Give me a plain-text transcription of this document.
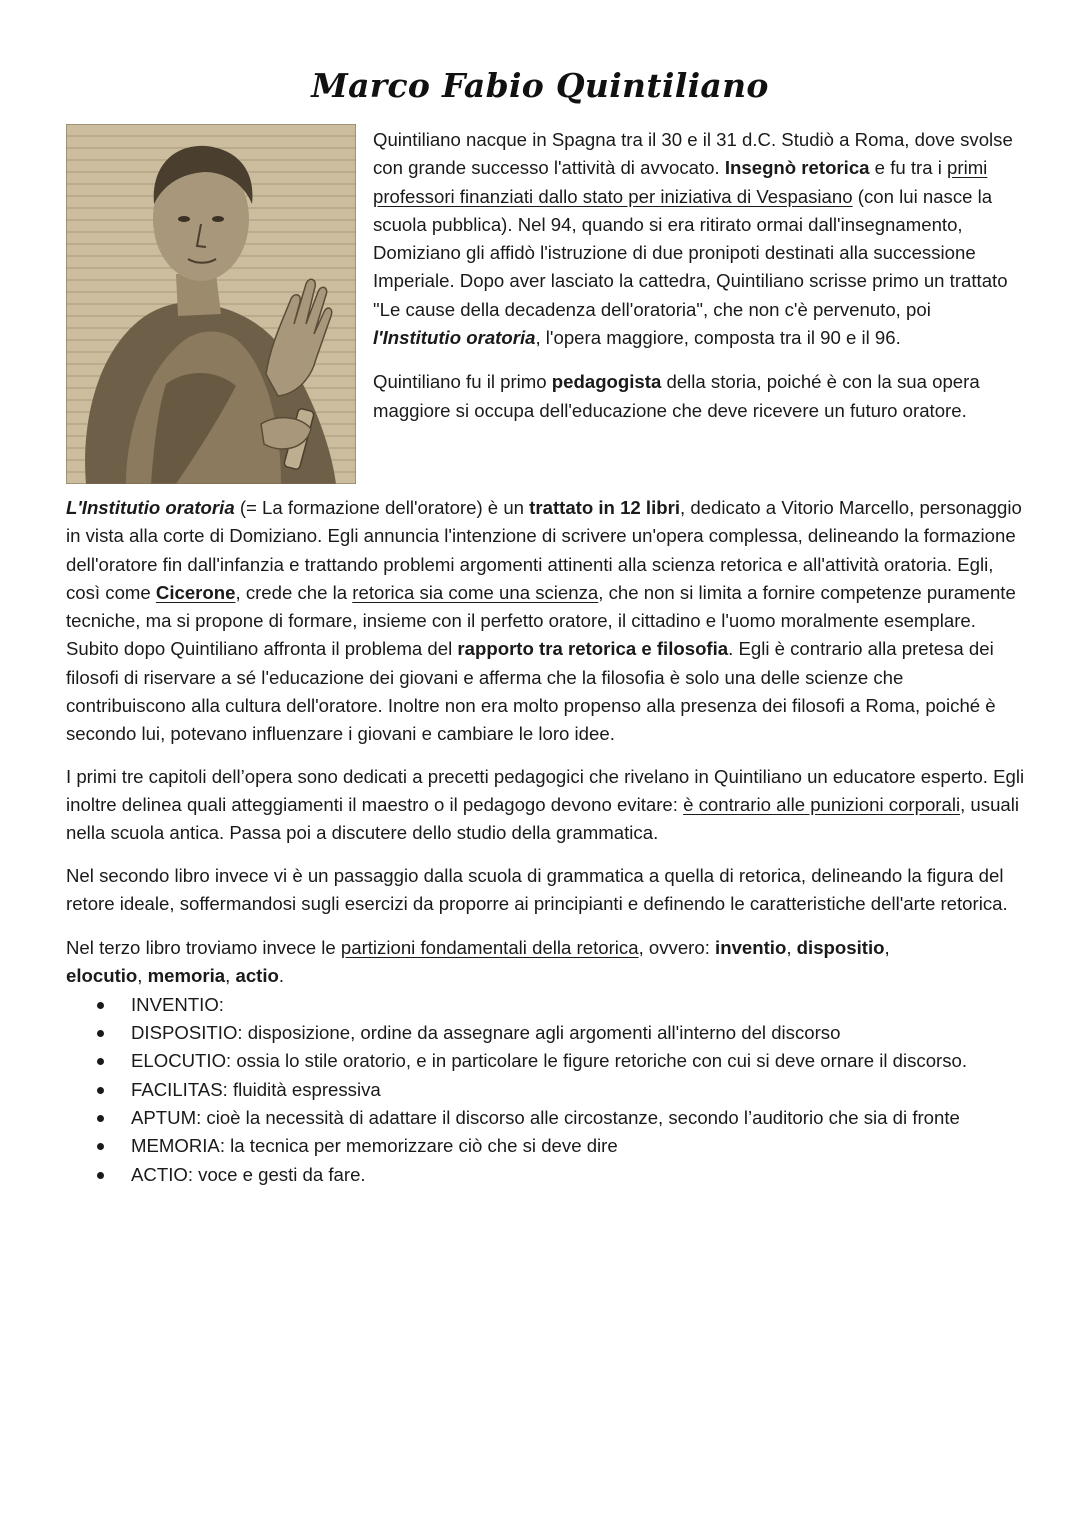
Marco Fabio Quintiliano

Quintiliano nacque in Spagna tra il 30 e il 31 d.C. Studiò a Roma, dove svolse con grande successo l'attività di avvocato. Insegnò retorica e fu tra i primi professori finanziati dallo stato per iniziativa di Vespasiano (con lui nasce la scuola pubblica). Nel 94, quando si era ritirato ormai dall'insegnamento, Domiziano gli affidò l'istruzione di due pronipoti destinati alla successione Imperiale. Dopo aver lasciato la cattedra, Quintiliano scrisse primo un trattato "Le cause della decadenza dell'oratoria", che non c'è pervenuto, poi l'Institutio oratoria, l'opera maggiore, composta tra il 90 e il 96.

Quintiliano fu il primo pedagogista della storia, poiché è con la sua opera maggiore si occupa dell'educazione che deve ricevere un futuro oratore.

L'Institutio oratoria (= La formazione dell'oratore) è un trattato in 12 libri, dedicato a Vitorio Marcello, personaggio in vista alla corte di Domiziano. Egli annuncia l'intenzione di scrivere un'opera complessa, delineando la formazione dell'oratore fin dall'infanzia e trattando problemi argomenti attinenti alla scienza retorica e all'attività oratoria. Egli, così come Cicerone, crede che la retorica sia come una scienza, che non si limita a fornire competenze puramente tecniche, ma si propone di formare, insieme con il perfetto oratore, il cittadino e l'uomo moralmente esemplare. Subito dopo Quintiliano affronta il problema del rapporto tra retorica e filosofia. Egli è contrario alla pretesa dei filosofi di riservare a sé l'educazione dei giovani e afferma che la filosofia è solo una delle scienze che contribuiscono alla cultura dell'oratore. Inoltre non era molto propenso alla presenza dei filosofi a Roma, poiché è secondo lui, potevano influenzare i giovani e cambiare le loro idee.

I primi tre capitoli dell’opera sono dedicati a precetti pedagogici che rivelano in Quintiliano un educatore esperto. Egli inoltre delinea quali atteggiamenti il maestro o il pedagogo devono evitare: è contrario alle punizioni corporali, usuali nella scuola antica. Passa poi a discutere dello studio della grammatica.

Nel secondo libro invece vi è un passaggio dalla scuola di grammatica a quella di retorica, delineando la figura del retore ideale, soffermandosi sugli esercizi da proporre ai principianti e definendo le caratteristiche dell'arte retorica.

Nel terzo libro troviamo invece le partizioni fondamentali della retorica, ovvero: inventio, dispositio,
elocutio, memoria, actio.

INVENTIO:
DISPOSITIO: disposizione, ordine da assegnare agli argomenti all'interno del discorso
ELOCUTIO: ossia lo stile oratorio, e in particolare le figure retoriche con cui si deve ornare il discorso.
FACILITAS: fluidità espressiva
APTUM: cioè la necessità di adattare il discorso alle circostanze, secondo l’auditorio che sia di fronte
MEMORIA: la tecnica per memorizzare ciò che si deve dire
ACTIO: voce e gesti da fare.
